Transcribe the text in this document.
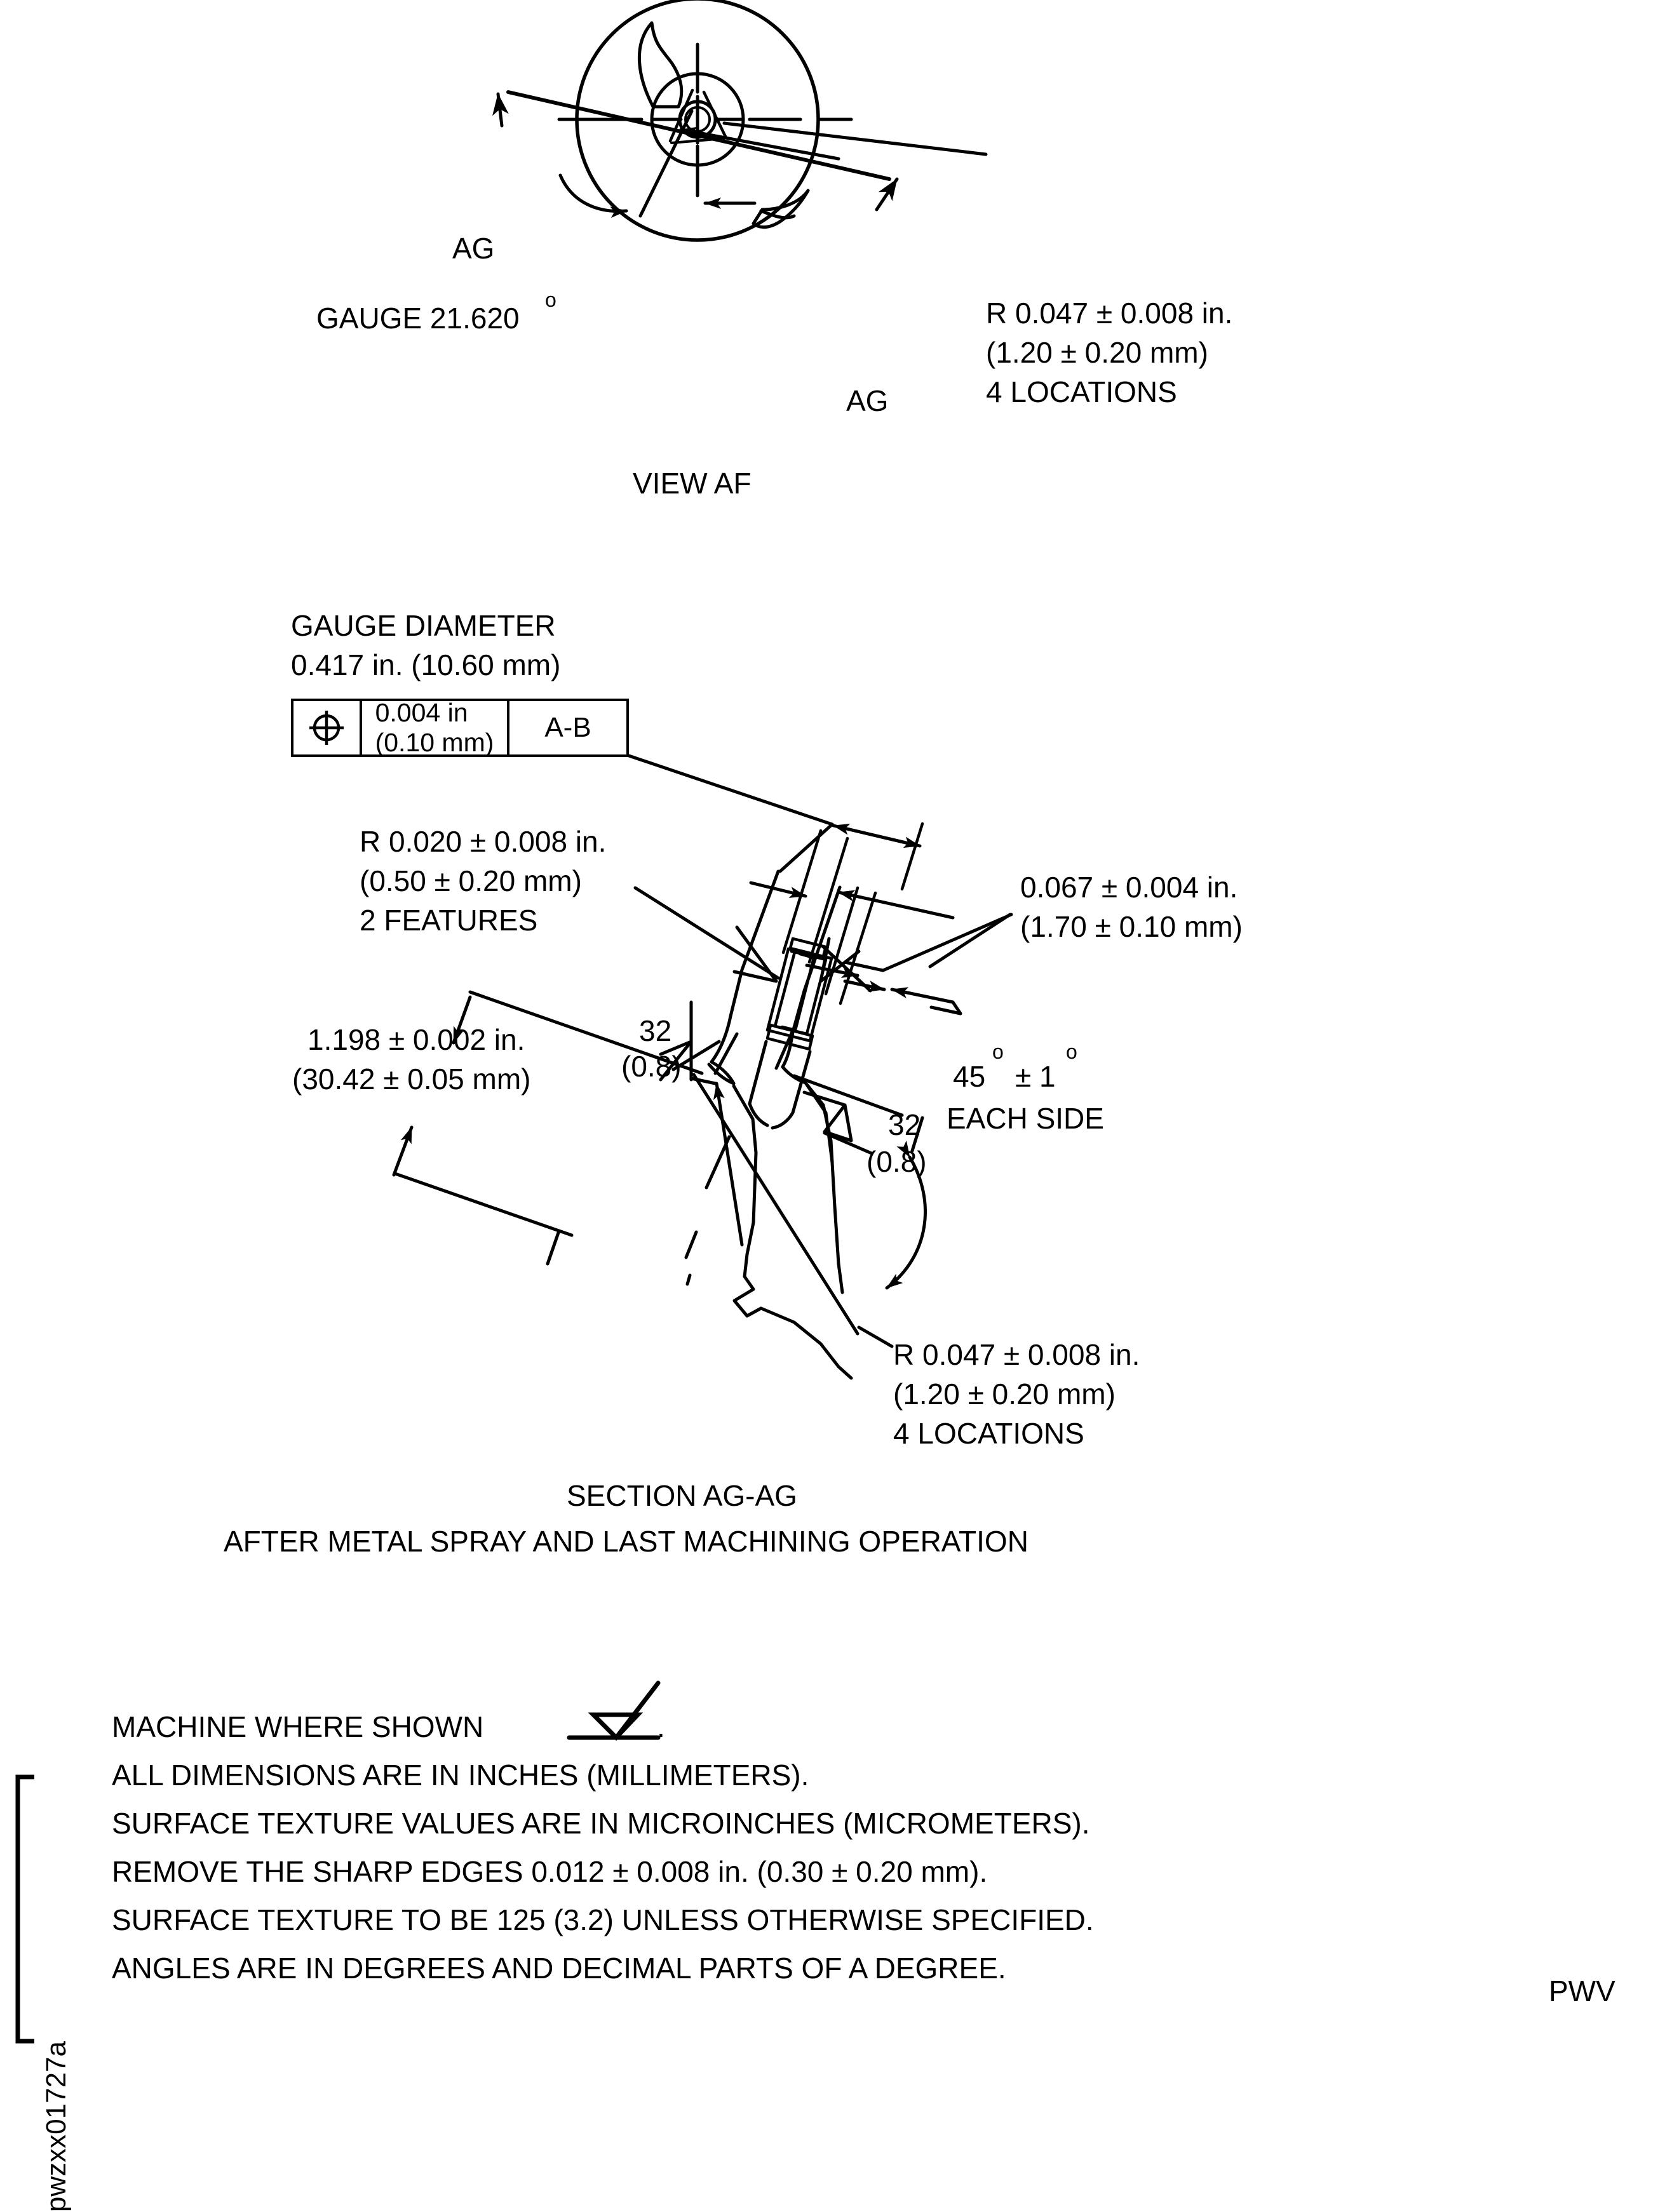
AG
AG
GAUGE 21.620
o	R 0.047 ± 0.008 in.
(1.20 ± 0.20 mm)
4 LOCATIONS
VIEW AF
GAUGE DIAMETER
0.417 in. (10.60 mm)
0.004 in
(0.10 mm) A-B
R 0.020 ± 0.008 in.
(0.50 ± 0.20 mm)
2 FEATURES
1.198 ± 0.002 in.
(30.42 ± 0.05 mm)
0.067 ± 0.004 in.
(1.70 ± 0.10 mm)
32
(0.8)
32
(0.8)
45
o
± 1
o
EACH SIDE
R 0.047 ± 0.008 in.
(1.20 ± 0.20 mm)
4 LOCATIONS
SECTION AG-AG
AFTER METAL SPRAY AND LAST MACHINING OPERATION
MACHINE WHERE SHOWN	.
ALL DIMENSIONS ARE IN INCHES (MILLIMETERS).
SURFACE TEXTURE VALUES ARE IN MICROINCHES (MICROMETERS).
REMOVE THE SHARP EDGES 0.012 ± 0.008 in. (0.30 ± 0.20 mm).
SURFACE TEXTURE TO BE 125 (3.2) UNLESS OTHERWISE SPECIFIED.
ANGLES ARE IN DEGREES AND DECIMAL PARTS OF A DEGREE.
pwzxx01727a
PWV
